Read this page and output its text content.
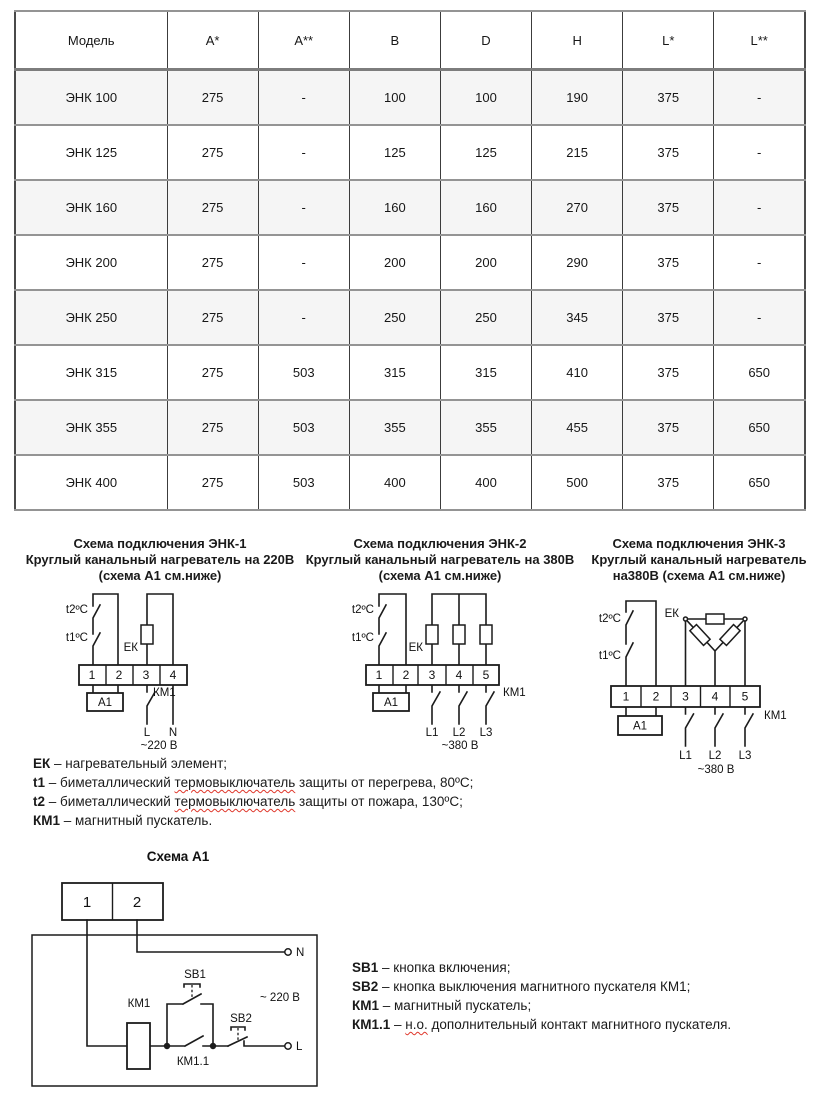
Модель	A*	A**	B	D	H	L*	L**
ЭНК 100	275	-	100	100	190	375	-
ЭНК 125	275	-	125	125	215	375	-
ЭНК 160	275	-	160	160	270	375	-
ЭНК 200	275	-	200	200	290	375	-
ЭНК 250	275	-	250	250	345	375	-
ЭНК 315	275	503	315	315	410	375	650
ЭНК 355	275	503	355	355	455	375	650
ЭНК 400	275	503	400	400	500	375	650
Схема подключения ЭНК-1
Круглый канальный нагреватель на 220В
(схема А1 см.ниже)
1 2 3 4
t2ºC
t1ºC
ЕК
КМ1
А1
L N
~220 В
Схема подключения ЭНК-2
Круглый канальный нагреватель на 380В
(схема А1 см.ниже)
1 2 3 4 5
t2ºC
t1ºC
ЕК
КМ1
А1
L1 L2 L3
~380 В
Схема подключения ЭНК-3
Круглый канальный нагреватель
на380В (схема А1 см.ниже)
1 2 3 4 5
t2ºC
t1ºC
ЕК
КМ1
А1
L1 L2 L3
~380 В
ЕК – нагревательный элемент;
t1 – биметаллический термовыключатель защиты от перегрева, 80ºС;
t2 – биметаллический термовыключатель защиты от пожара, 130ºС;
КМ1 – магнитный пускатель.
Схема А1
1	2
N
L
КМ1
SB1
SB2
КМ1.1
~ 220 В
SB1 – кнопка включения;
SB2 – кнопка выключения магнитного пускателя КМ1;
КМ1 – магнитный пускатель;
КМ1.1 – н.о. дополнительный контакт магнитного пускателя.
